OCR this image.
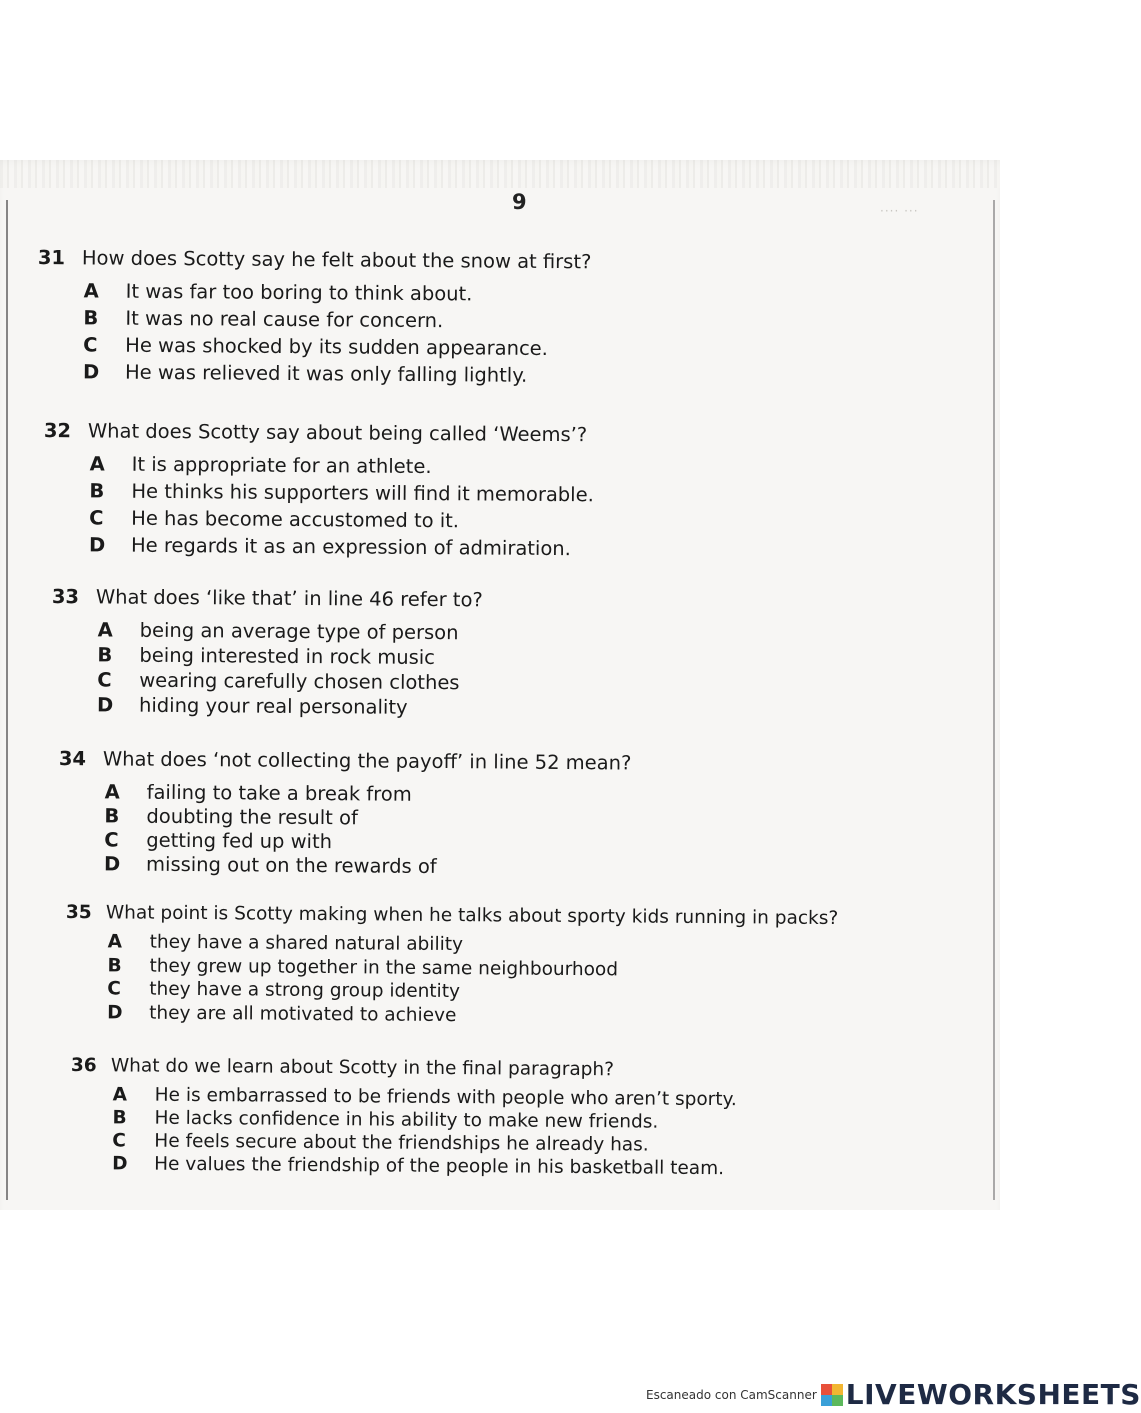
···· ···
9
31 How does Scotty say he felt about the snow at first?
A	It was far too boring to think about.
B	It was no real cause for concern.
C	He was shocked by its sudden appearance.
D	He was relieved it was only falling lightly.
32 What does Scotty say about being called ‘Weems’?
A	It is appropriate for an athlete.
B	He thinks his supporters will find it memorable.
C	He has become accustomed to it.
D	He regards it as an expression of admiration.
33 What does ‘like that’ in line 46 refer to?
A	being an average type of person
B	being interested in rock music
C	wearing carefully chosen clothes
D	hiding your real personality
34 What does ‘not collecting the payoff’ in line 52 mean?
A	failing to take a break from
B	doubting the result of
C	getting fed up with
D	missing out on the rewards of
35 What point is Scotty making when he talks about sporty kids running in packs?
A	they have a shared natural ability
B	they grew up together in the same neighbourhood
C	they have a strong group identity
D	they are all motivated to achieve
36 What do we learn about Scotty in the final paragraph?
A	He is embarrassed to be friends with people who aren’t sporty.
B	He lacks confidence in his ability to make new friends.
C	He feels secure about the friendships he already has.
D	He values the friendship of the people in his basketball team.
Escaneado con CamScanner LIVEWORKSHEETS
